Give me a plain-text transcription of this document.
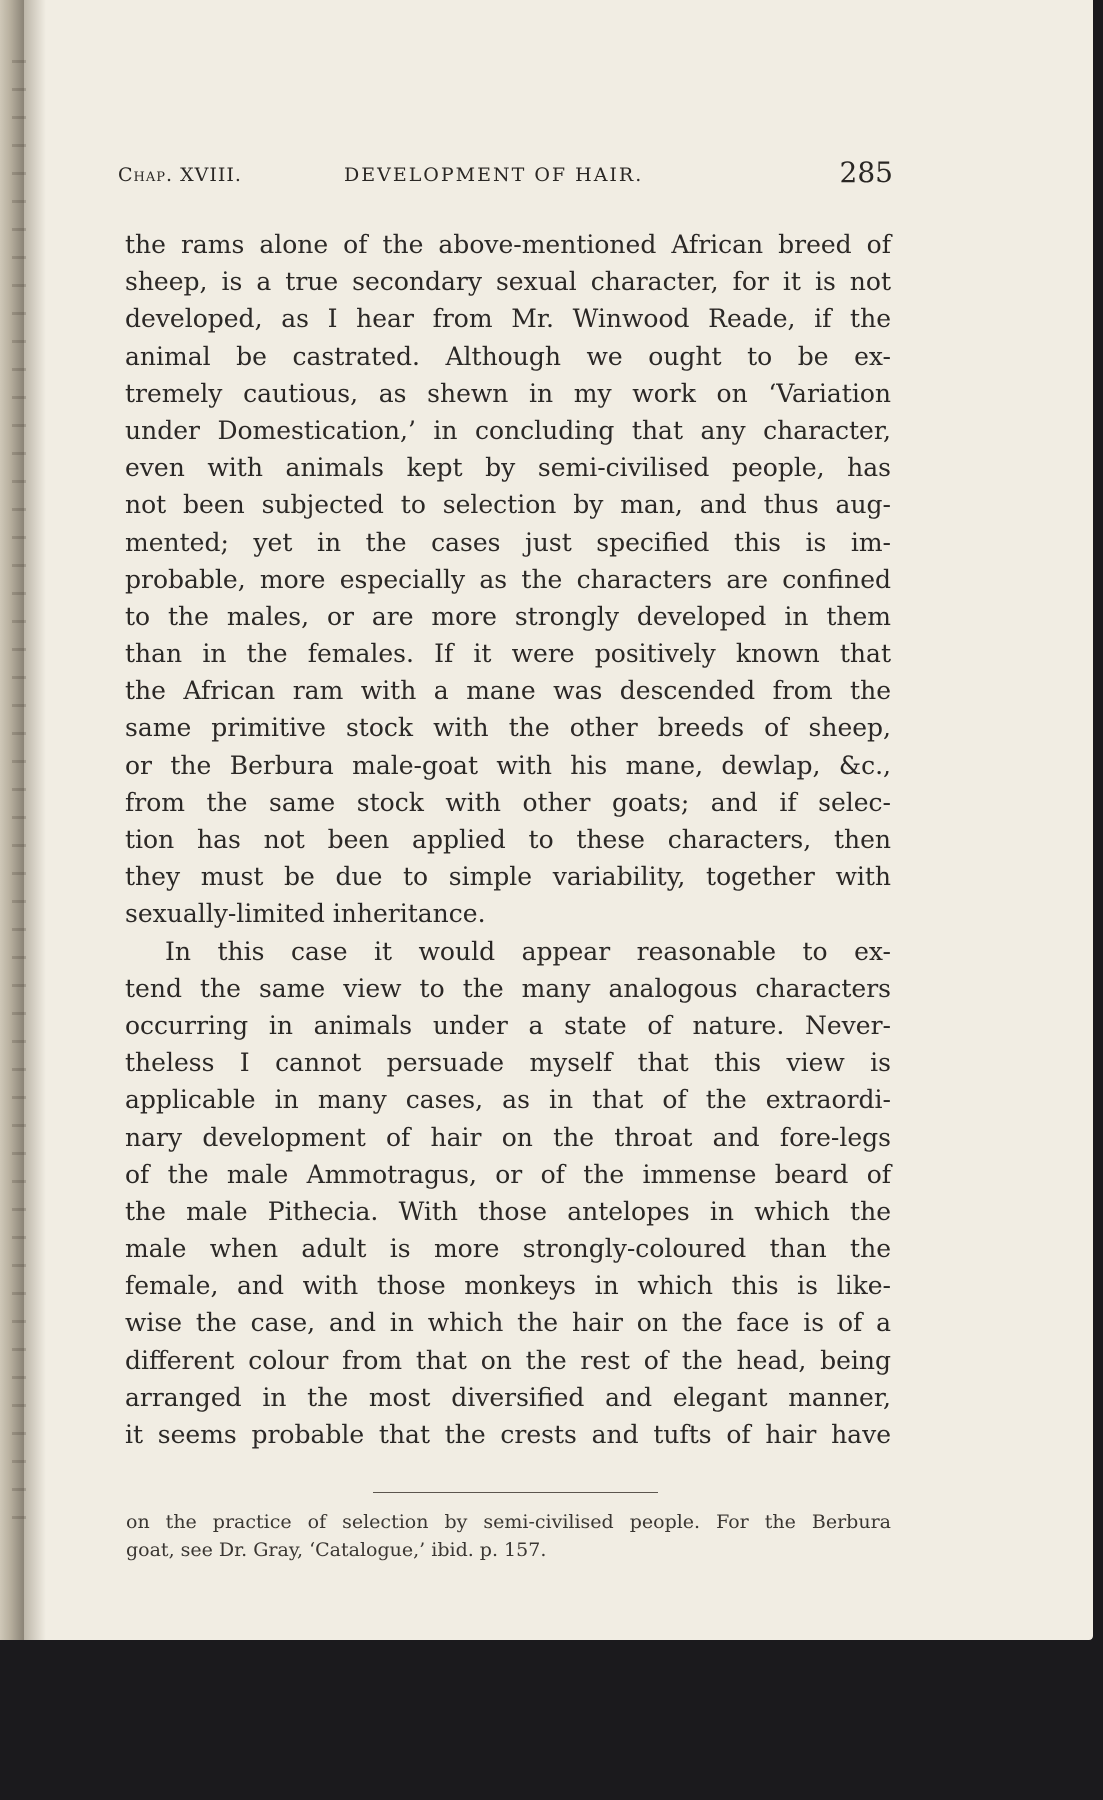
Chap. XVIII.	DEVELOPMENT OF HAIR.	285
the rams alone of the above-mentioned African breed of
sheep, is a true secondary sexual character, for it is not
developed, as I hear from Mr. Winwood Reade, if the
animal be castrated. Although we ought to be ex-
tremely cautious, as shewn in my work on ‘Variation
under Domestication,’ in concluding that any character,
even with animals kept by semi-civilised people, has
not been subjected to selection by man, and thus aug-
mented; yet in the cases just specified this is im-
probable, more especially as the characters are confined
to the males, or are more strongly developed in them
than in the females. If it were positively known that
the African ram with a mane was descended from the
same primitive stock with the other breeds of sheep,
or the Berbura male-goat with his mane, dewlap, &c.,
from the same stock with other goats; and if selec-
tion has not been applied to these characters, then
they must be due to simple variability, together with
sexually-limited inheritance.
In this case it would appear reasonable to ex-
tend the same view to the many analogous characters
occurring in animals under a state of nature. Never-
theless I cannot persuade myself that this view is
applicable in many cases, as in that of the extraordi-
nary development of hair on the throat and fore-legs
of the male Ammotragus, or of the immense beard of
the male Pithecia. With those antelopes in which the
male when adult is more strongly-coloured than the
female, and with those monkeys in which this is like-
wise the case, and in which the hair on the face is of a
different colour from that on the rest of the head, being
arranged in the most diversified and elegant manner,
it seems probable that the crests and tufts of hair have
on the practice of selection by semi-civilised people. For the Berbura
goat, see Dr. Gray, ‘Catalogue,’ ibid. p. 157.
